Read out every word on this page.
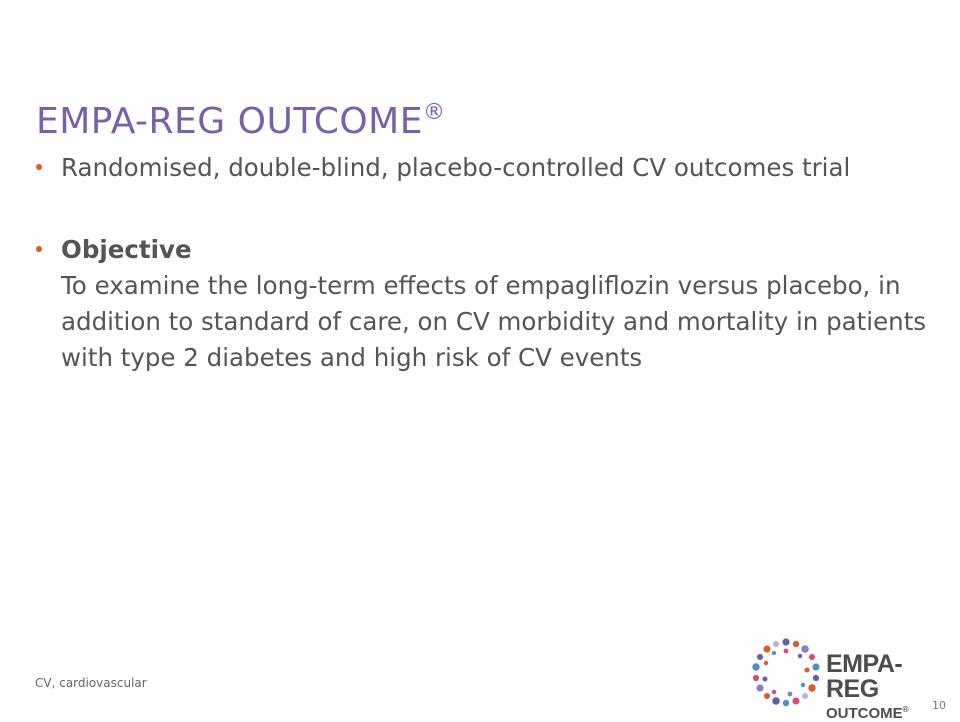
EMPA-REG OUTCOME®
Randomised, double-blind, placebo-controlled CV outcomes trial
Objective
To examine the long-term effects of empagliflozin versus placebo, in addition to standard of care, on CV morbidity and mortality in patients with type 2 diabetes and high risk of CV events
CV, cardiovascular
EMPA-REG
OUTCOME®	10
